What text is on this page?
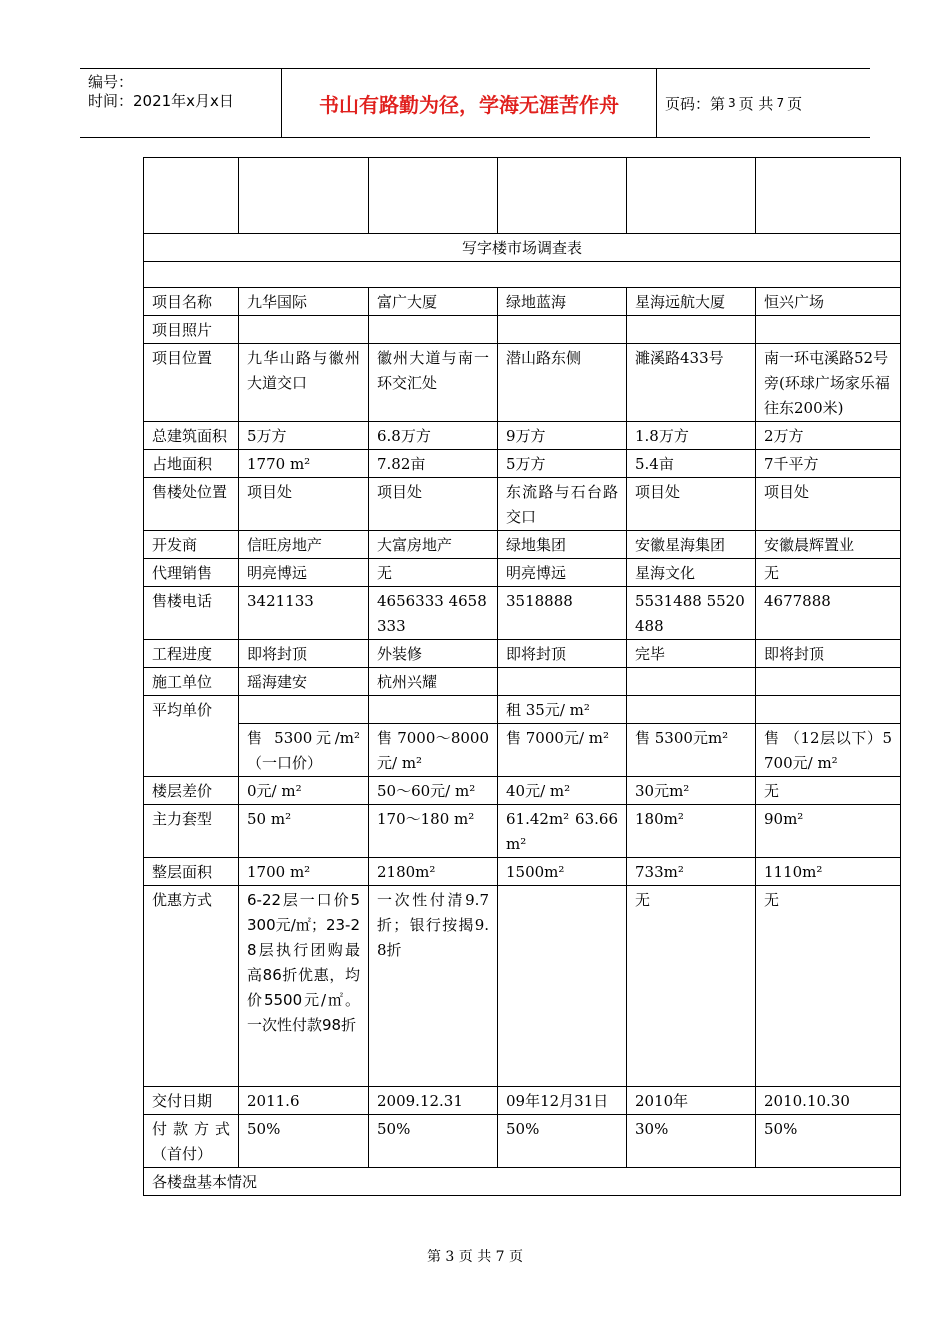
编号：
时间：2021年x月x日	书山有路勤为径，学海无涯苦作舟	页码：第 3 页 共 7 页

写字楼市场调查表					

项目名称	九华国际	富广大厦	绿地蓝海	星海远航大厦	恒兴广场
项目照片					
项目位置	九华山路与徽州大道交口	徽州大道与南一环交汇处	潜山路东侧	濉溪路433号	南一环屯溪路52号旁(环球广场家乐福往东200米)
总建筑面积	5万方	6.8万方	9万方	1.8万方	2万方
占地面积	1770 m²	7.82亩	5万方	5.4亩	7千平方
售楼处位置	项目处	项目处	东流路与石台路交口	项目处	项目处
开发商	信旺房地产	大富房地产	绿地集团	安徽星海集团	安徽晨辉置业
代理销售	明亮博远	无	明亮博远	星海文化	无
售楼电话	3421133	4656333 4658333	3518888	5531488 5520488	4677888
工程进度	即将封顶	外装修	即将封顶	完毕	即将封顶
施工单位	瑶海建安	杭州兴耀			
平均单价			租 35元/ m²		
	售 5300元/m²（一口价）	售 7000～8000元/ m²	售 7000元/ m²	售 5300元m²	售 （12层以下）5700元/ m²
楼层差价	0元/ m²	50～60元/ m²	40元/ m²	30元m²	无
主力套型	50 m²	170～180 m²	61.42m² 63.66 m²	180m²	90m²
整层面积	1700 m²	2180m²	1500m²	733m²	1110m²
优惠方式	6-22层一口价5300元/㎡；23-28层执行团购最高86折优惠，均价5500元/㎡。一次性付款98折	一次性付清9.7折；银行按揭9.8折		无	无
交付日期	2011.6	2009.12.31	09年12月31日	2010年	2010.10.30
付款方式（首付）	50%	50%	50%	30%	50%
各楼盘基本情况					
第 3 页 共 7 页
